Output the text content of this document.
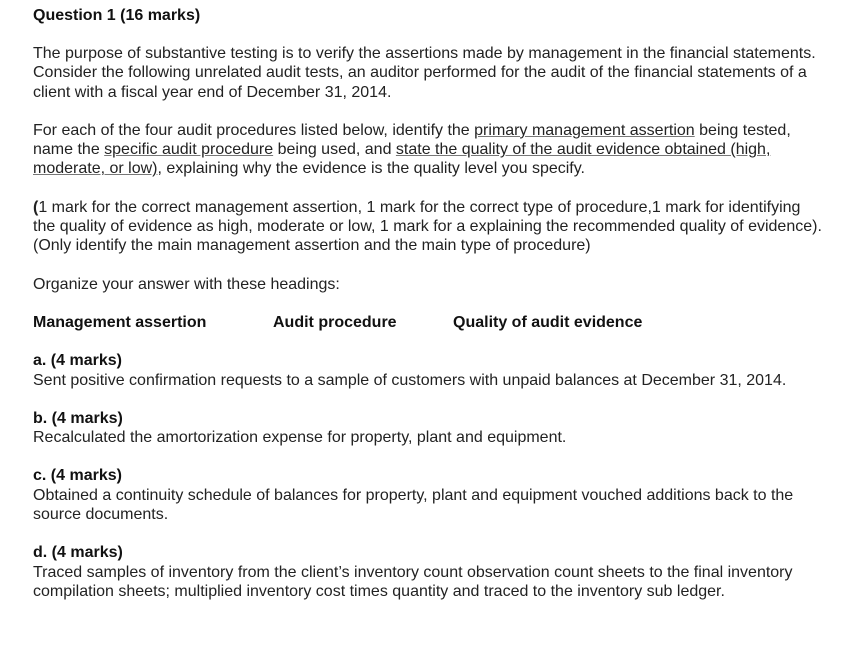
Question 1 (16 marks)

The purpose of substantive testing is to verify the assertions made by management in the financial statements. Consider the following unrelated audit tests, an auditor performed for the audit of the financial statements of a client with a fiscal year end of December 31, 2014.

For each of the four audit procedures listed below, identify the primary management assertion being tested, name the specific audit procedure being used, and state the quality of the audit evidence obtained (high, moderate, or low), explaining why the evidence is the quality level you specify.

(1 mark for the correct management assertion, 1 mark for the correct type of procedure,1 mark for identifying the quality of evidence as high, moderate or low, 1 mark for a explaining the recommended quality of evidence).(Only identify the main management assertion and the main type of procedure)

Organize your answer with these headings:

Management assertion	Audit procedure	Quality of audit evidence
a. (4 marks)
Sent positive confirmation requests to a sample of customers with unpaid balances at December 31, 2014.
b. (4 marks)
Recalculated the amortorization expense for property, plant and equipment.
c. (4 marks)
Obtained a continuity schedule of balances for property, plant and equipment vouched additions back to the source documents.
d. (4 marks)
Traced samples of inventory from the client’s inventory count observation count sheets to the final inventory compilation sheets; multiplied inventory cost times quantity and traced to the inventory sub ledger.
